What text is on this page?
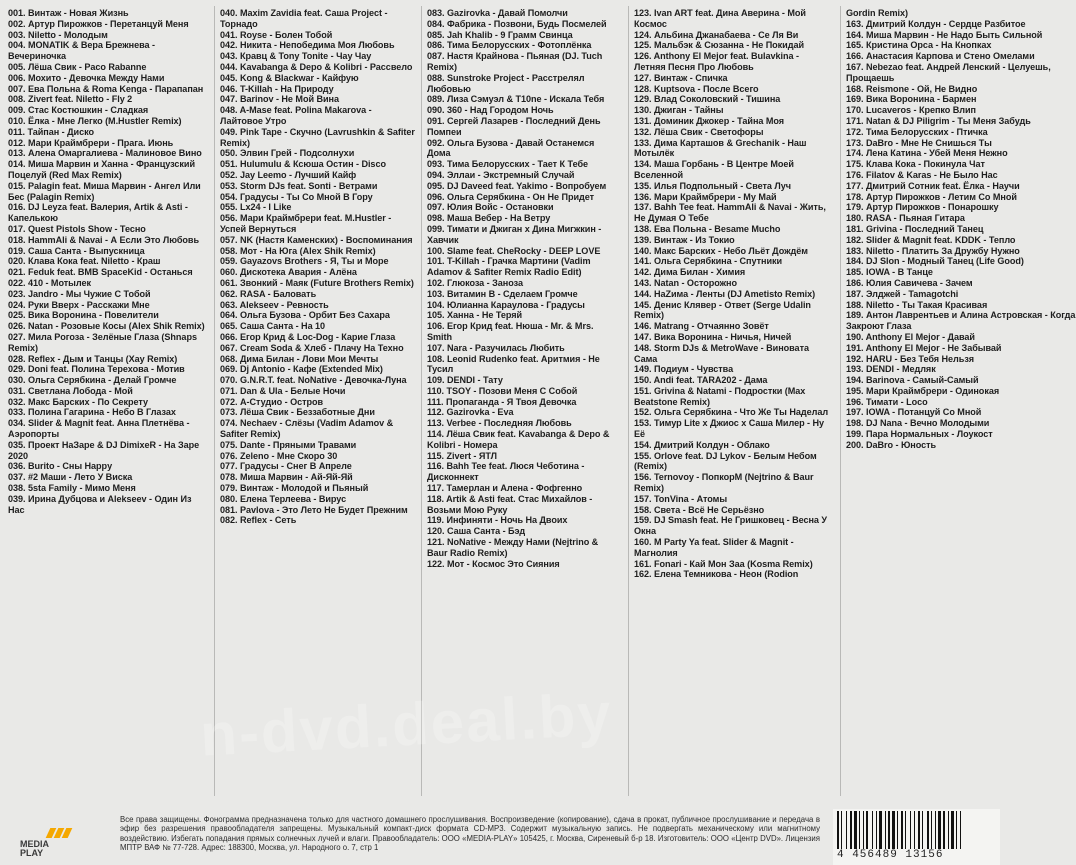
001. Винтаж - Новая Жизнь
002. Артур Пирожков - Перетанцуй Меня
003. Niletto - Молодым
004. MONATIK & Вера Брежнева - Вечериночка
005. Лёша Свик - Paco Rabanne
006. Мохито - Девочка Между Нами
007. Ева Польна & Roma Kenga - Парапапан
008. Zivert feat. Niletto - Fly 2
009. Стас Костюшкин - Сладкая
010. Ёлка - Мне Легко (M.Hustler Remix)
011. Тайпан - Диско
012. Мари Краймбрери - Прага. Июнь
013. Алена Омаргалиева - Малиновое Вино
014. Миша Марвин и Ханна - Французский Поцелуй (Red Max Remix)
015. Palagin feat. Миша Марвин - Ангел Или Бес (Palagin Remix)
016. DJ Leyza feat. Валерия, Artik & Asti - Капелькою
017. Quest Pistols Show - Тесно
018. HammAli & Navai - А Если Это Любовь
019. Саша Санта - Выпускница
020. Клава Кока feat. Niletto - Краш
021. Feduk feat. BMB SpaceKid - Останься
022. 410 - Мотылек
023. Jandro - Мы Чужие С Тобой
024. Руки Вверх - Расскажи Мне
025. Вика Воронина - Повелители
026. Natan - Розовые Косы (Alex Shik Remix)
027. Мила Pогоза - Зелёные Глаза (Shnaps Remix)
028. Reflex - Дым и Танцы (Xay Remix)
029. Doni feat. Полина Терехова - Мотив
030. Ольга Серябкина - Делай Громче
031. Светлана Лобода - Мой
032. Макс Барских - По Секрету
033. Полина Гагарина - Небо В Глазах
034. Slider & Magnit feat. Анна Плетнёва - Аэропорты
035. Проект НаЗаре & DJ DimixeR - На Заре 2020
036. Burito - Сны Happy
037. #2 Маши - Лето У Виска
038. 5sta Family - Мимо Меня
039. Ирина Дубцова и Alekseev - Один Из Нас
040. Maxim Zavidia feat. Саша Project - Торнадо
041. Royse - Болен Тобой
042. Никита - Непобедима Моя Любовь
043. Кравц & Tony Tonite - Чау Чау
044. Kavabanga & Depo & Kolibri - Рассвело
045. Kong & Blackwar - Кайфую
046. T-Killah - На Природу
047. Barinov - Не Мой Вина
048. A-Mase feat. Polina Makarova - Лайтовое Утро
049. Pink Tape - Скучно (Lavrushkin & Safiter Remix)
050. Элвин Грей - Подсолнухи
051. Hulumulu & Ксюша Остин - Disco
052. Jay Leemo - Лучший Кайф
053. Storm DJs feat. Sonti - Ветрами
054. Градусы - Ты Со Мной В Гору
055. Lx24 - I Like
056. Мари Краймбрери feat. M.Hustler - Успей Вернуться
057. NK (Настя Каменских) - Воспоминания
058. Мот - На Юга (Alex Shik Remix)
059. Gayazovs Brothers - Я, Ты и Море
060. Дискотека Авария - Алёна
061. Звонкий - Маяк (Future Brothers Remix)
062. RASA - Баловать
063. Alekseev - Ревность
064. Ольга Бузова - Орбит Без Сахара
065. Саша Санта - На 10
066. Егор Крид & Loc-Dog - Карие Глаза
067. Cream Soda & Хлеб - Плачу На Техно
068. Дима Билан - Лови Мои Мечты
069. Dj Antonio - Кафе (Extended Mix)
070. G.N.R.T. feat. NoNative - Девочка-Луна
071. Dan & Ula - Белые Ночи
072. А-Студио - Остров
073. Лёша Свик - Беззаботные Дни
074. Nechaev - Слёзы (Vadim Adamov & Safiter Remix)
075. Dante - Пряными Травами
076. Zeleno - Мне Скоро 30
077. Градусы - Снег В Апреле
078. Миша Марвин - Ай-Яй-Яй
079. Винтаж - Молодой и Пьяный
080. Елена Терлеева - Вирус
081. Pavlova - Это Лето Не Будет Прежним
082. Reflex - Сеть
083. Gazirovka - Давай Помолчи
084. Фабрика - Позвони, Будь Посмелей
085. Jah Khalib - 9 Грамм Свинца
086. Тима Белорусских - Фотоплёнка
087. Настя Крайнова - Пьяная (DJ. Tuch Remix)
088. Sunstroke Project - Расстрелял Любовью
089. Лиза Сэмуэл & T10ne - Искала Тебя
090. 360 - Над Городом Ночь
091. Сергей Лазарев - Последний День Помпеи
092. Ольга Бузова - Давай Останемся Дома
093. Тима Белорусских - Тает К Тебе
094. Эллаи - Экстремный Случай
095. DJ Daveed feat. Yakimo - Вопробуем
096. Ольга Серябкина - Он Не Придет
097. Юлия Войс - Остановки
098. Маша Вебер - На Ветру
099. Тимати и Джиган х Дина Мигжкин - Хавчик
100. Slame feat. CheRocky - DEEP LOVE
101. T-Killah - Грачка Мартини (Vadim Adamov & Safiter Remix Radio Edit)
102. Глюкоза - Заноза
103. Витамин В - Сделаем Громче
104. Юлианна Караулова - Градусы
105. Ханна - Не Теряй
106. Егор Крид feat. Нюша - Mr. & Mrs. Smith
107. Nara - Разучилась Любить
108. Leonid Rudenko feat. Аритмия - Не Тусил
109. DENDI - Тату
110. TSOY - Позови Меня С Собой
111. Пропаганда - Я Твоя Девочка
112. Gazirovka - Eva
113. Verbee - Последняя Любовь
114. Лёша Свик feat. Kavabanga & Depo & Kolibri - Номера
115. Zivert - ЯТЛ
116. Bahh Tee feat. Люся Чеботина - Дисконнект
117. Тамерлан и Алена - Фофгенно
118. Artik & Asti feat. Стас Михайлов - Возьми Мою Руку
119. Инфиняти - Ночь На Двоих
120. Саша Санта - Бэд
121. NoNative - Между Нами (Nejtrino & Baur Radio Remix)
122. Мот - Космос Это Сияния
123. Ivan ART feat. Дина Аверина - Мой Космос
124. Альбина Джанабаева - Се Ля Ви
125. Мальбэк & Сюзанна - Не Покидай
126. Anthony El Mejor feat. Bulavkina - Летняя Песня Про Любовь
127. Винтаж - Спичка
128. Kuptsova - После Всего
129. Влад Соколовский - Тишина
130. Джиган - Тайны
131. Доминик Джокер - Тайна Моя
132. Лёша Свик - Светофоры
133. Дима Карташов & Grechanik - Наш Мотылёк
134. Маша Горбань - В Центре Моей Вселенной
135. Илья Подпольный - Света Луч
136. Мари Краймбрери - Му Май
137. Bahh Tee feat. HammAli & Navai - Жить, Не Думая О Тебе
138. Ева Польна - Besame Mucho
139. Винтаж - Из Токио
140. Макс Барских - Небо Льёт Дождём
141. Ольга Серябкина - Спутники
142. Дима Билан - Химия
143. Natan - Осторожно
144. НаZима - Ленты (DJ Ametisto Remix)
145. Денис Клявер - Ответ (Serge Udalin Remix)
146. Matrang - Отчаянно Зовёт
147. Вика Воронина - Ничья, Ничей
148. Storm DJs & MetroWave - Виновата Сама
149. Подиум - Чувства
150. Andi feat. TARA202 - Дама
151. Grivina & Natami - Подростки (Max Beatstone Remix)
152. Ольга Серябкина - Что Же Ты Наделал
153. Тимур Lite x Джиос x Саша Милер - Ну Её
154. Дмитрий Колдун - Облако
155. Orlove feat. DJ Lykov - Белым Небом (Remix)
156. Ternovoy - ПопкорМ (Nejtrino & Baur Remix)
157. TonVina - Атомы
158. Света - Всё Не Серьёзно
159. DJ Smash feat. Не Гришковец - Весна У Окна
160. M Party Ya feat. Slider & Magnit - Магнолия
161. Fonari - Кай Мон Заа (Kosma Remix)
162. Елена Темникова - Неон (Rodion
Gordin Remix)
163. Дмитрий Колдун - Сердце Разбитое
164. Миша Марвин - Не Надо Быть Сильной
165. Кристина Орса - На Кнопках
166. Анастасия Карпова и Стено Омелами
167. Nebezao feat. Андрей Ленский - Целуешь, Прощаешь
168. Reismone - Ой, Не Видно
169. Вика Воронина - Бармен
170. Lucaveros - Крепко Влип
171. Natan & DJ Piligrim - Ты Меня Забудь
172. Тима Белорусских - Птичка
173. DaBro - Мне Не Снишься Ты
174. Лена Катина - Убей Меня Нежно
175. Клава Кока - Покинула Чат
176. Filatov & Karas - Не Было Нас
177. Дмитрий Сотник feat. Ёлка - Научи
178. Артур Пирожков - Летим Со Мной
179. Артур Пирожков - Понарошку
180. RASA - Пьяная Гитара
181. Grivina - Последний Танец
182. Slider & Magnit feat. KDDK - Тепло
183. Niletto - Платить За Дружбу Нужно
184. DJ Slon - Модный Танец (Life Good)
185. IOWA - В Танце
186. Юлия Савичева - Зачем
187. Элджей - Tamagotchi
188. Niletto - Ты Такая Красивая
189. Антон Лаврентьев и Алина Астровская - Когда Закроют Глаза
190. Anthony El Mejor - Давай
191. Anthony El Mejor - Не Забывай
192. HARU - Без Тебя Нельзя
193. DENDI - Медляк
194. Barinova - Самый-Самый
195. Мари Краймбрери - Одинокая
196. Тимати - Loco
197. IOWA - Потанцуй Со Мной
198. DJ Nana - Вечно Молодыми
199. Пара Нормальных - Лоукост
200. DaBro - Юность
n-dvd.deal.by
MEDIA
PLAY
Все права защищены. Фонограмма предназначена только для частного домашнего прослушивания. Воспроизведение (копирование), сдача в прокат, публичное прослушивание и передача в эфир без разрешения правообладателя запрещены. Музыкальный компакт-диск формата CD-MP3. Содержит музыкальную запись. Не подвергать механическому или магнитному воздействию. Избегать попадания прямых солнечных лучей и влаги. Правообладатель: ООО «MEDIA-PLAY» 105425, г. Москва, Сиреневый б-р 18. Изготовитель: ООО «Центр DVD». Лицензия МПТР ВАФ № 77-728. Адрес: 188300, Москва, ул. Народного о. 7, стр 1
4 456489 13156
